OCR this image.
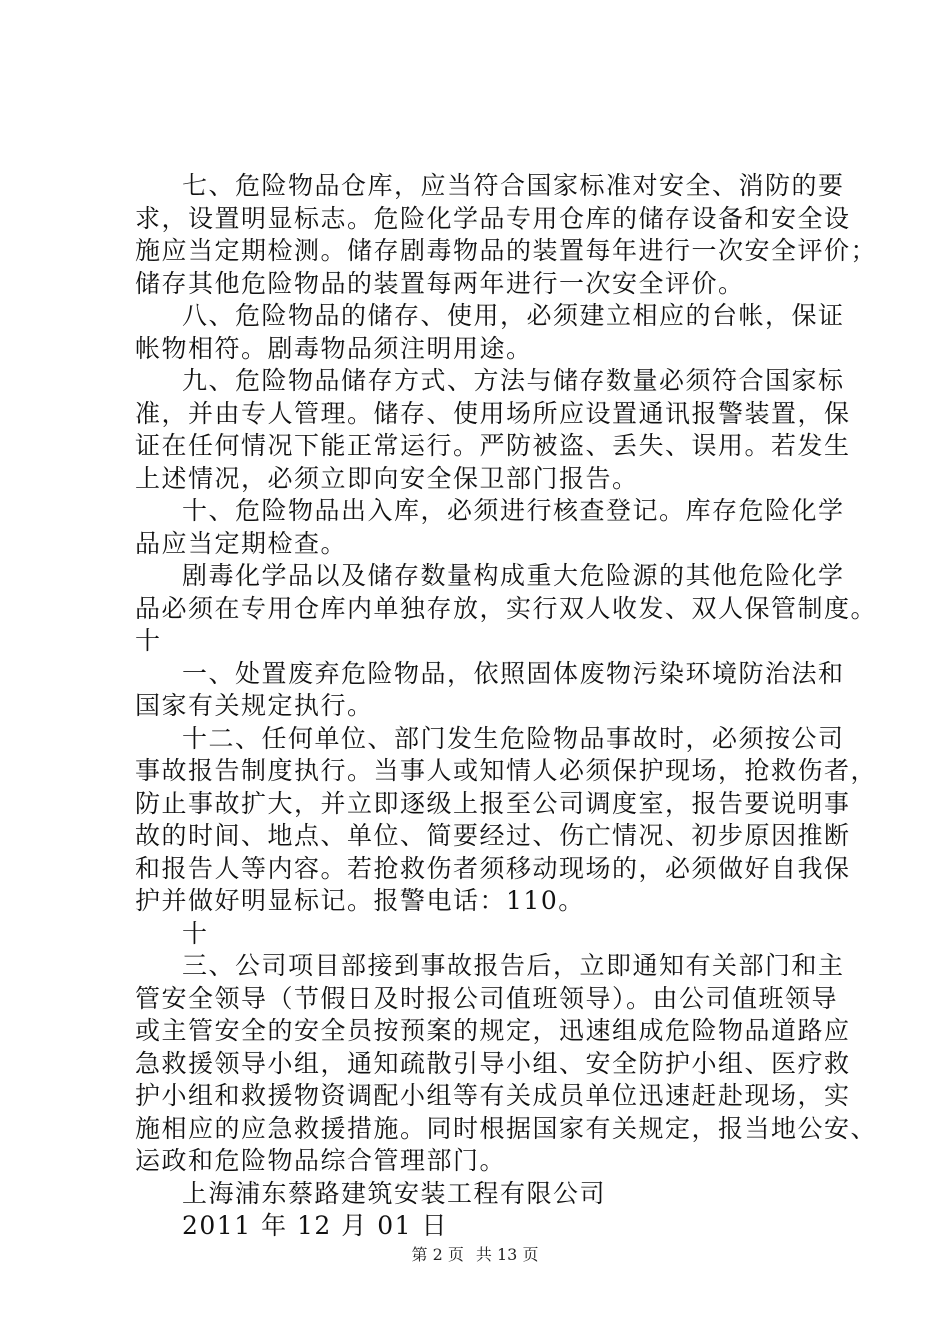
七、危险物品仓库，应当符合国家标准对安全、消防的要
求，设置明显标志。危险化学品专用仓库的储存设备和安全设
施应当定期检测。储存剧毒物品的装置每年进行一次安全评价；
储存其他危险物品的装置每两年进行一次安全评价。
八、危险物品的储存、使用，必须建立相应的台帐，保证
帐物相符。剧毒物品须注明用途。
九、危险物品储存方式、方法与储存数量必须符合国家标
准，并由专人管理。储存、使用场所应设置通讯报警装置，保
证在任何情况下能正常运行。严防被盗、丢失、误用。若发生
上述情况，必须立即向安全保卫部门报告。
十、危险物品出入库，必须进行核查登记。库存危险化学
品应当定期检查。
剧毒化学品以及储存数量构成重大危险源的其他危险化学
品必须在专用仓库内单独存放，实行双人收发、双人保管制度。
十
一、处置废弃危险物品，依照固体废物污染环境防治法和
国家有关规定执行。
十二、任何单位、部门发生危险物品事故时，必须按公司
事故报告制度执行。当事人或知情人必须保护现场，抢救伤者，
防止事故扩大，并立即逐级上报至公司调度室，报告要说明事
故的时间、地点、单位、简要经过、伤亡情况、初步原因推断
和报告人等内容。若抢救伤者须移动现场的，必须做好自我保
护并做好明显标记。报警电话：110。
十
三、公司项目部接到事故报告后，立即通知有关部门和主
管安全领导（节假日及时报公司值班领导）。由公司值班领导
或主管安全的安全员按预案的规定，迅速组成危险物品道路应
急救援领导小组，通知疏散引导小组、安全防护小组、医疗救
护小组和救援物资调配小组等有关成员单位迅速赶赴现场，实
施相应的应急救援措施。同时根据国家有关规定，报当地公安、
运政和危险物品综合管理部门。
上海浦东蔡路建筑安装工程有限公司
2011 年 12 月 01 日
第 2 页 共 13 页
